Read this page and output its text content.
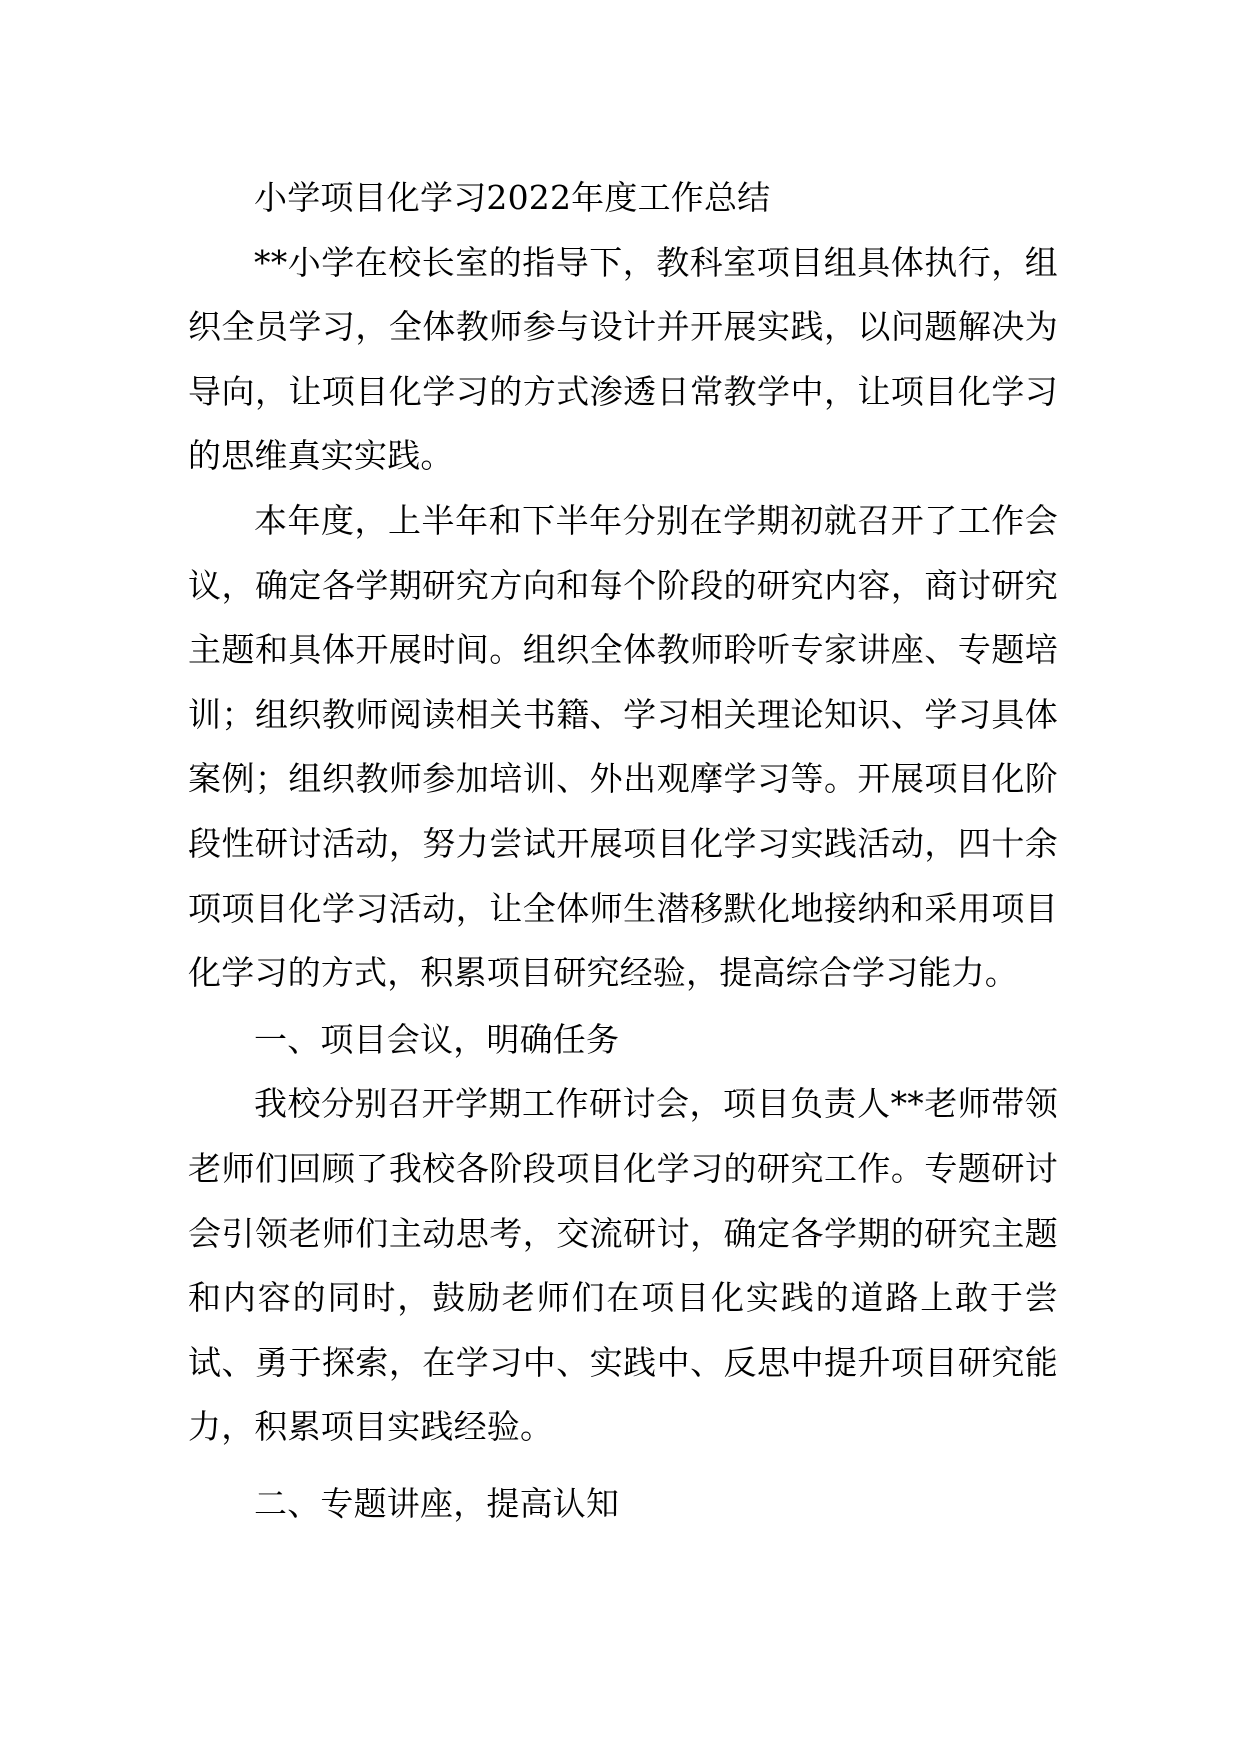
小学项目化学习2022年度工作总结

**小学在校长室的指导下，教科室项目组具体执行，组织全员学习，全体教师参与设计并开展实践，以问题解决为导向，让项目化学习的方式渗透日常教学中，让项目化学习的思维真实实践。

本年度，上半年和下半年分别在学期初就召开了工作会议，确定各学期研究方向和每个阶段的研究内容，商讨研究主题和具体开展时间。组织全体教师聆听专家讲座、专题培训；组织教师阅读相关书籍、学习相关理论知识、学习具体案例；组织教师参加培训、外出观摩学习等。开展项目化阶段性研讨活动，努力尝试开展项目化学习实践活动，四十余项项目化学习活动，让全体师生潜移默化地接纳和采用项目化学习的方式，积累项目研究经验，提高综合学习能力。

一、项目会议，明确任务

我校分别召开学期工作研讨会，项目负责人**老师带领老师们回顾了我校各阶段项目化学习的研究工作。专题研讨会引领老师们主动思考，交流研讨，确定各学期的研究主题和内容的同时，鼓励老师们在项目化实践的道路上敢于尝试、勇于探索，在学习中、实践中、反思中提升项目研究能力，积累项目实践经验。

二、专题讲座，提高认知
